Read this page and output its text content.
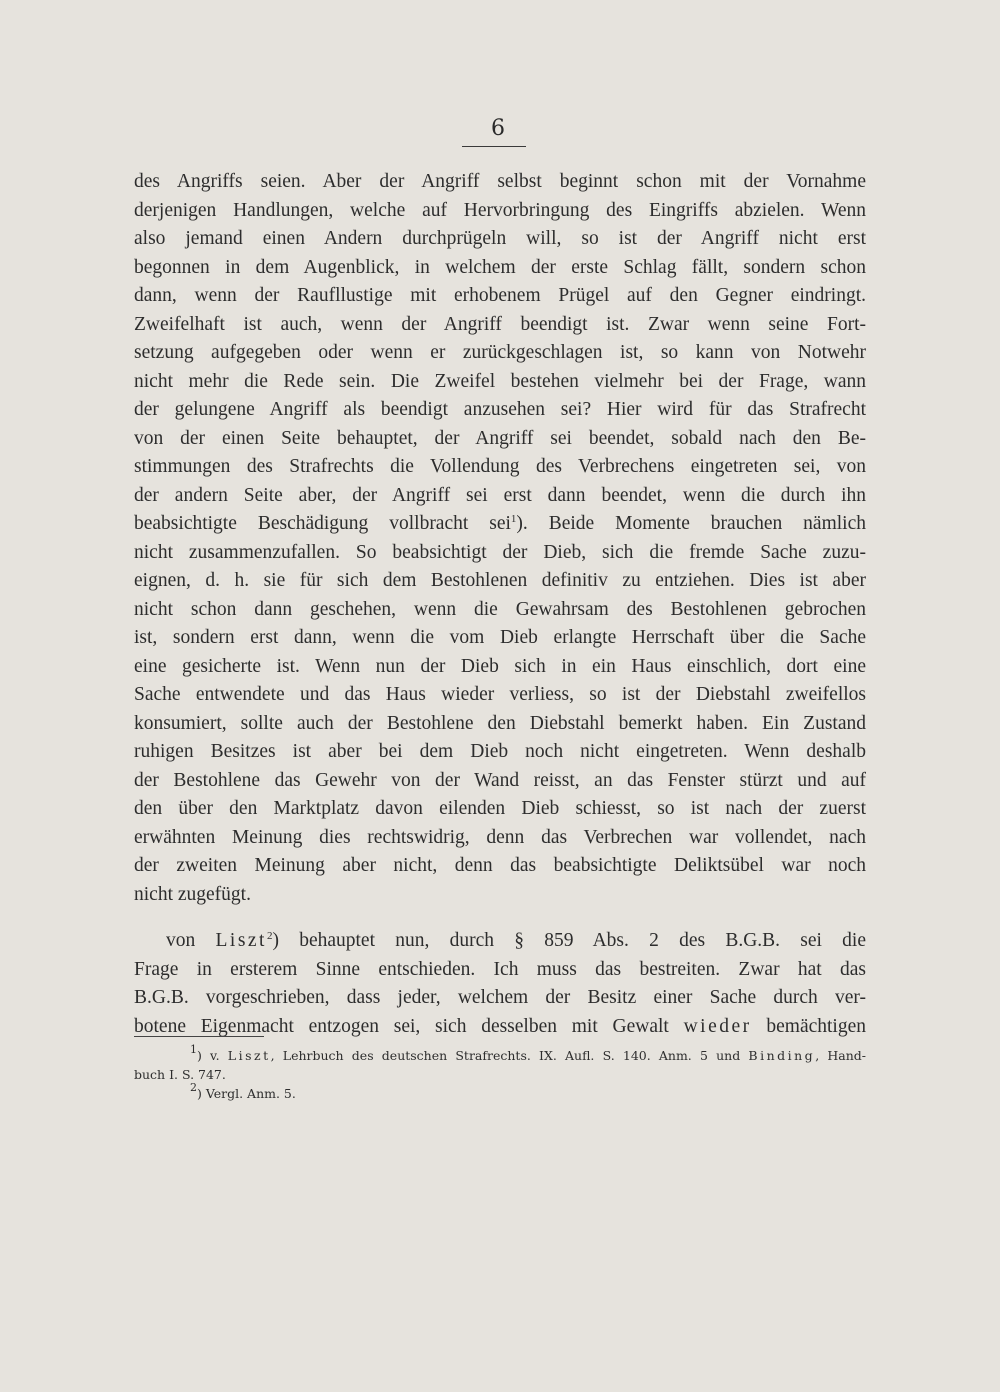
6
des Angriffs seien. Aber der Angriff selbst beginnt schon mit der Vornahme
derjenigen Handlungen, welche auf Hervorbringung des Eingriffs abzielen. Wenn
also jemand einen Andern durchprügeln will, so ist der Angriff nicht erst
begonnen in dem Augenblick, in welchem der erste Schlag fällt, sondern schon
dann, wenn der Raufllustige mit erhobenem Prügel auf den Gegner eindringt.
Zweifelhaft ist auch, wenn der Angriff beendigt ist. Zwar wenn seine Fort-
setzung aufgegeben oder wenn er zurückgeschlagen ist, so kann von Notwehr
nicht mehr die Rede sein. Die Zweifel bestehen vielmehr bei der Frage, wann
der gelungene Angriff als beendigt anzusehen sei? Hier wird für das Strafrecht
von der einen Seite behauptet, der Angriff sei beendet, sobald nach den Be-
stimmungen des Strafrechts die Vollendung des Verbrechens eingetreten sei, von
der andern Seite aber, der Angriff sei erst dann beendet, wenn die durch ihn
beabsichtigte Beschädigung vollbracht sei$^1$). Beide Momente brauchen nämlich
nicht zusammenzufallen. So beabsichtigt der Dieb, sich die fremde Sache zuzu-
eignen, d. h. sie für sich dem Bestohlenen definitiv zu entziehen. Dies ist aber
nicht schon dann geschehen, wenn die Gewahrsam des Bestohlenen gebrochen
ist, sondern erst dann, wenn die vom Dieb erlangte Herrschaft über die Sache
eine gesicherte ist. Wenn nun der Dieb sich in ein Haus einschlich, dort eine
Sache entwendete und das Haus wieder verliess, so ist der Diebstahl zweifellos
konsumiert, sollte auch der Bestohlene den Diebstahl bemerkt haben. Ein Zustand
ruhigen Besitzes ist aber bei dem Dieb noch nicht eingetreten. Wenn deshalb
der Bestohlene das Gewehr von der Wand reisst, an das Fenster stürzt und auf
den über den Marktplatz davon eilenden Dieb schiesst, so ist nach der zuerst
erwähnten Meinung dies rechtswidrig, denn das Verbrechen war vollendet, nach
der zweiten Meinung aber nicht, denn das beabsichtigte Deliktsübel war noch
nicht zugefügt.
von Liszt$^2$) behauptet nun, durch § 859 Abs. 2 des B.G.B. sei die
Frage in ersterem Sinne entschieden. Ich muss das bestreiten. Zwar hat das
B.G.B. vorgeschrieben, dass jeder, welchem der Besitz einer Sache durch ver-
botene Eigenmacht entzogen sei, sich desselben mit Gewalt wieder bemächtigen
$^1$) v. Liszt, Lehrbuch des deutschen Strafrechts. IX. Aufl. S. 140. Anm. 5 und Binding, Hand-
buch I. S. 747.
$^2$) Vergl. Anm. 5.
